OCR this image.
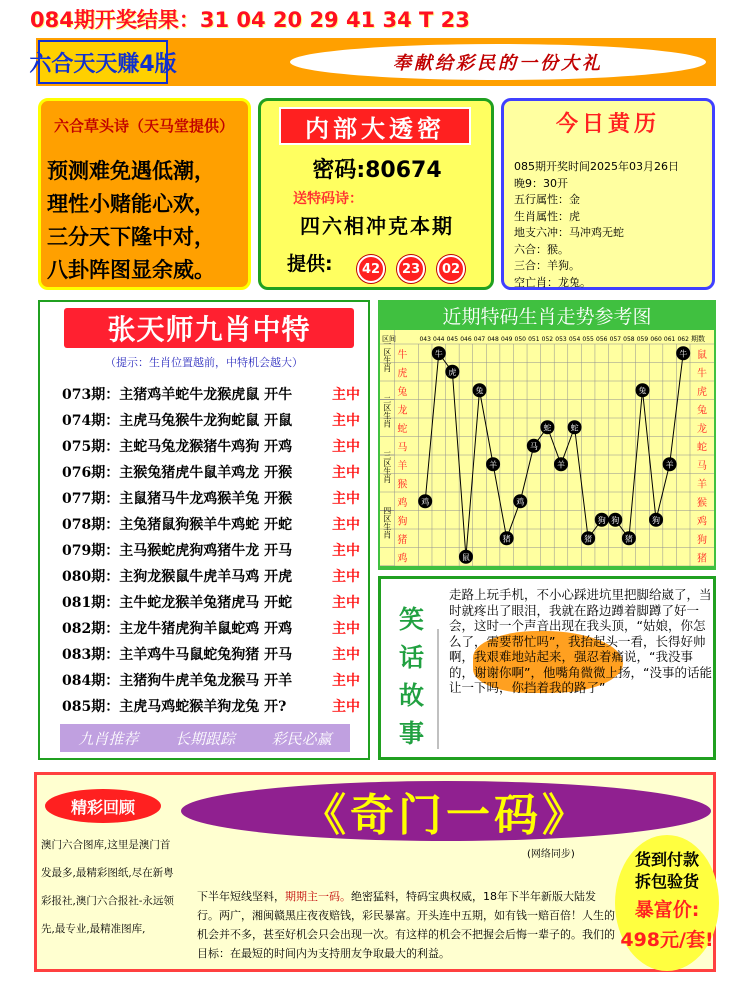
084期开奖结果：31 04 20 29 41 34 T 23
六合天天赚4版	奉献给彩民的一份大礼
六合草头诗（天马堂提供）
预测难免遇低潮，
理性小赌能心欢，
三分天下隆中对，
八卦阵图显余威。
内部大透密
密码:80674
送特码诗：
四六相冲克本期
提供:	42	23	02
今日黄历
085期开奖时间2025年03月26日
晚9：30开
五行属性：金
生肖属性：虎
地支六冲：马冲鸡无蛇
六合：猴。
三合：羊狗。
空亡肖：龙兔。
张天师九肖中特
（提示：生肖位置越前，中特机会越大）
073期：主猪鸡羊蛇牛龙猴虎鼠 开牛	主中
074期：主虎马兔猴牛龙狗蛇鼠 开鼠	主中
075期：主蛇马兔龙猴猪牛鸡狗 开鸡	主中
076期：主猴兔猪虎牛鼠羊鸡龙 开猴	主中
077期：主鼠猪马牛龙鸡猴羊兔 开猴	主中
078期：主兔猪鼠狗猴羊牛鸡蛇 开蛇	主中
079期：主马猴蛇虎狗鸡猪牛龙 开马	主中
080期：主狗龙猴鼠牛虎羊马鸡 开虎	主中
081期：主牛蛇龙猴羊兔猪虎马 开蛇	主中
082期：主龙牛猪虎狗羊鼠蛇鸡 开鸡	主中
083期：主羊鸡牛马鼠蛇兔狗猪 开马	主中
084期：主猪狗牛虎羊兔龙猴马 开羊	主中
085期：主虎马鸡蛇猴羊狗龙兔 开?	主中
九肖推荐 长期跟踪 彩民必赢
近期特码生肖走势参考图
区间	期数
043 044 045 046 047 048 049 050 051 052 053 054 055 056 057 058 059 060 061 062
一区生肖
二区生肖
三区生肖
四区生肖
牛
虎
兔
龙
蛇
马
羊
猴
鸡
狗
猪
鸡
鼠
牛
虎
兔
龙
蛇
马
羊
猴
鸡
狗
猪
鸡
牛
虎
鼠
兔
羊
猪
鸡
马
蛇
羊
蛇
猪
狗 狗
猪
兔
狗
羊
牛
笑话故事
走路上玩手机，不小心踩进坑里把脚给崴了，当时就疼出了眼泪，我就在路边蹲着脚蹲了好一会，这时一个声音出现在我头顶，“姑娘，你怎么了，需要帮忙吗”，我抬起头一看，长得好帅啊，我艰难地站起来，强忍着痛说，“我没事的，谢谢你啊”，他嘴角微微上扬，“没事的话能让一下吗，你挡着我的路了”
精彩回顾
澳门六合图库,这里是澳门首发最多,最精彩图纸,尽在新粤彩报社,澳门六合报社-永远领先,最专业,最精准图库,
《奇门一码》
(网络同步)
下半年短线坚料，期期主一码。绝密猛料，特码宝典权威，18年下半年新版大陆发行。两广，湘闽赣黑庄夜夜赔钱，彩民暴富。开头连中五期，如有钱一赔百倍！人生的机会并不多，甚至好机会只会出现一次。有这样的机会不把握会后悔一辈子的。我们的目标：在最短的时间内为支持朋友争取最大的利益。
货到付款
拆包验货
暴富价:
498元/套!
